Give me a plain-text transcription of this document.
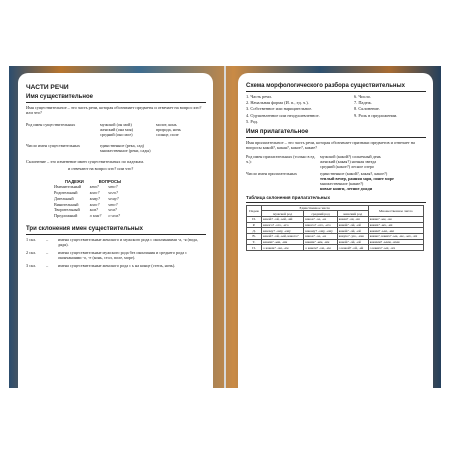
ЧАСТИ РЕЧИ
Имя существительное
Имя существительное – это часть речи, которая обозначает предметы и отвечает на вопрос кто? или что?
Род имен существительных	мужской (он мой)	молот, конь
женский (она моя)	природа, ночь
средний (оно мое)	солнце, поле
Число имен существительных	единственное (река, сад)
множественное (реки, сады)
Склонение – это изменение имен существительных по падежам.
и отвечают на вопрос кто? или что?
ПАДЕЖИ	ВОПРОСЫ	
Именительный	кто?	что?
Родительный	кого?	чего?
Дательный	кому?	чему?
Винительный	кого?	что?
Творительный	кем?	чем?
Предложный	о ком?	о чем?
Три склонения имен существительных
1 скл.	–	имена существительные женского и мужского рода с окончаниями -а, -я (вода, дядя).
2 скл.	–	имена существительные мужского рода без окончания и среднего рода с окончаниями -о, -е (конь, стол, поле, море).
3 скл.	–	имена существительные женского рода с ь на конце (степь, ночь).
Схема морфологического разбора существительных
1. Часть речи.
2. Начальная форма (И. п., ед. ч.).
3. Собственное или нарицательное.
4. Одушевленное или неодушевленное.
5. Род.
6. Число.
7. Падеж.
8. Склонение.
9. Роль в предложении.
Имя прилагательное
Имя прилагательное – это часть речи, которая обозначает признаки предметов и отвечает на вопросы какой?, какая?, какое?, какие?
Род имен прилагательных (только в ед. ч.):
мужской (какой?) солнечный день
женский (какая?) ночная звезда
средний (какое?) лесное озеро
Число имен прилагательных	единственное (какой?, какая?, какое?)
теплый вечер, ранняя заря, синее море
множественное (какие?)
новые книги, летние дожди
Таблица склонения прилагательных
Падеж	Единственное число			Множественное число
	мужской род	средний род	женский род	
И.	какой? -ой, -ый, -ий	какое? -ое, -ее	какая? -ая, -яя	какие? -ые, -ие
Р.	какого? -ого, -его	какого? -ого, -его	какой? -ой, -ей	каких? -ых, -их
Д.	какому? -ому, -ему	какому? -ому, -ему	какой? -ой, -ей	каким? -ым, -им
В.	какой? -ой, -ый, какого?	какое? -ое, -ее	какую? -ую, -юю	какие?, каких? -ые, -ие, -ых, -их
Т.	каким? -ым, -им	каким? -ым, -им	какой? -ой, -ей	какими? -ыми, -ими
П.	о каком? -ом, -ем	о каком? -ом, -ем	о какой? -ой, -ей	о каких? -ых, -их
